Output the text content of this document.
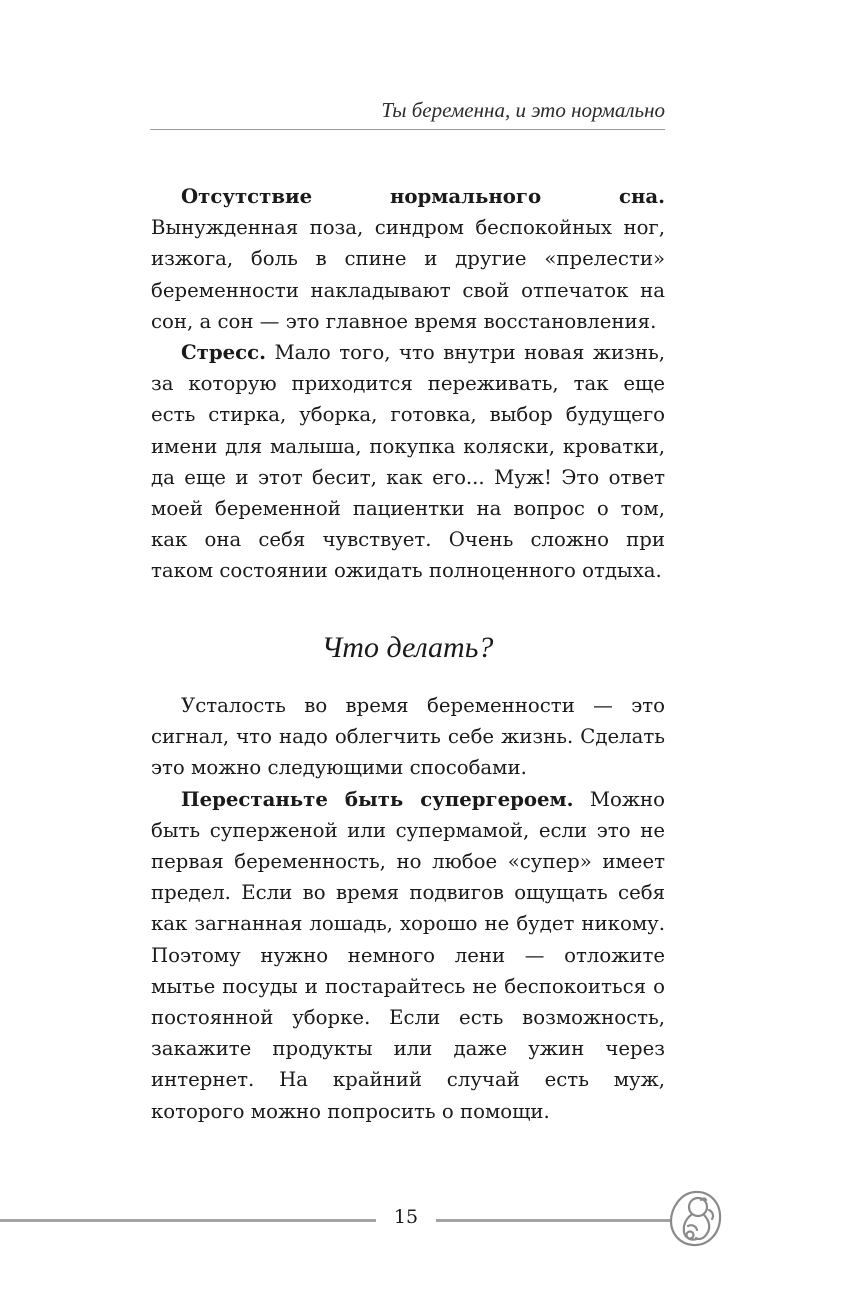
Ты беременна, и это нормально

Отсутствие нормального сна. Вынужденная поза, синдром беспокойных ног, изжога, боль в спине и другие «прелести» беременности накладывают свой отпечаток на сон, а сон — это главное время восстановления.

Стресс. Мало того, что внутри новая жизнь, за которую приходится переживать, так еще есть стирка, уборка, готовка, выбор будущего имени для малыша, покупка коляски, кроватки, да еще и этот бесит, как его... Муж! Это ответ моей беременной пациентки на вопрос о том, как она себя чувствует. Очень сложно при таком состоянии ожидать полноценного отдыха.

Что делать?

Усталость во время беременности — это сигнал, что надо облегчить себе жизнь. Сделать это можно следующими способами.

Перестаньте быть супергероем. Можно быть суперженой или супермамой, если это не первая беременность, но любое «супер» имеет предел. Если во время подвигов ощущать себя как загнанная лошадь, хорошо не будет никому. Поэтому нужно немного лени — отложите мытье посуды и постарайтесь не беспокоиться о постоянной уборке. Если есть возможность, закажите продукты или даже ужин через интернет. На крайний случай есть муж, которого можно попросить о помощи.

15
